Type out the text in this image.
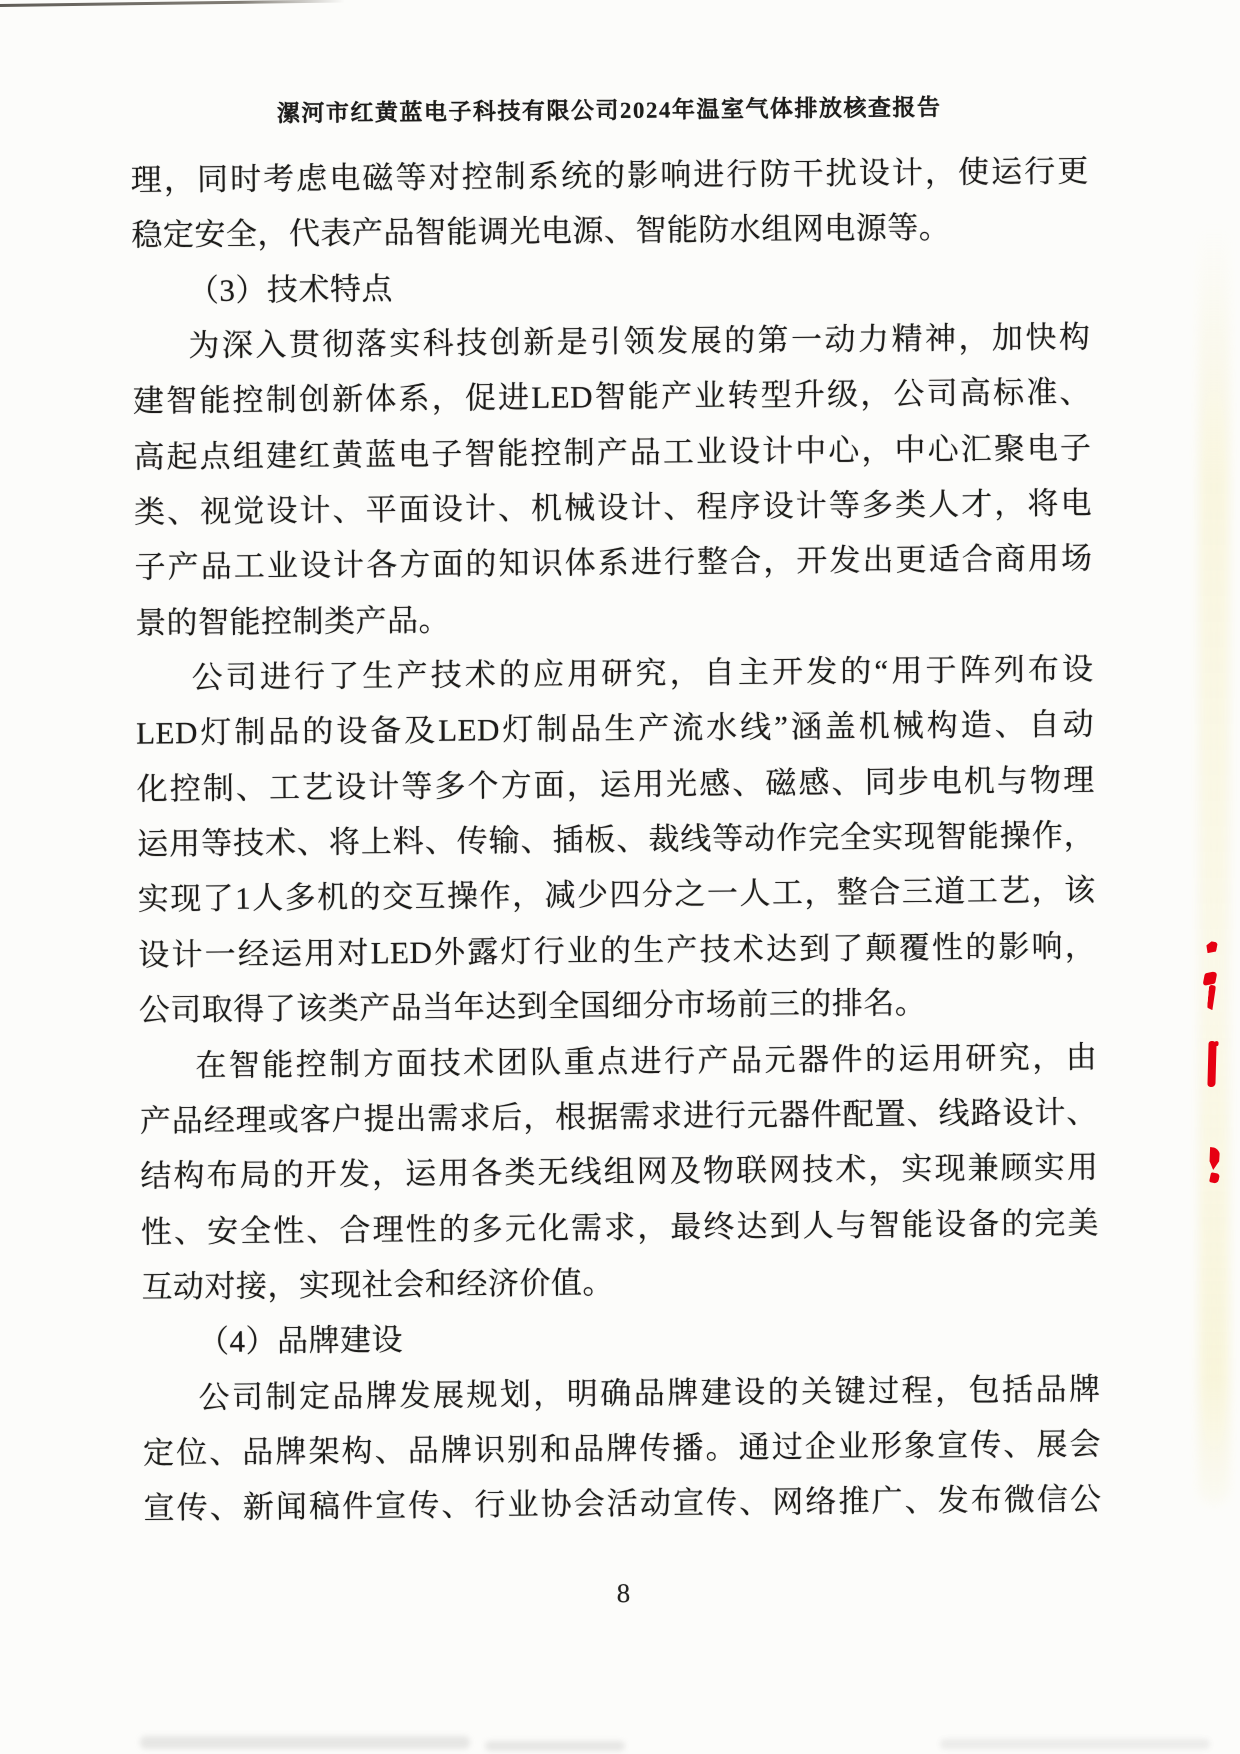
漯河市红黄蓝电子科技有限公司2024年温室气体排放核查报告
理，同时考虑电磁等对控制系统的影响进行防干扰设计，使运行更
稳定安全，代表产品智能调光电源、智能防水组网电源等。
（3）技术特点
为深入贯彻落实科技创新是引领发展的第一动力精神，加快构
建智能控制创新体系，促进LED智能产业转型升级，公司高标准、
高起点组建红黄蓝电子智能控制产品工业设计中心，中心汇聚电子
类、视觉设计、平面设计、机械设计、程序设计等多类人才，将电
子产品工业设计各方面的知识体系进行整合，开发出更适合商用场
景的智能控制类产品。
公司进行了生产技术的应用研究，自主开发的“用于阵列布设
LED灯制品的设备及LED灯制品生产流水线”涵盖机械构造、自动
化控制、工艺设计等多个方面，运用光感、磁感、同步电机与物理
运用等技术、将上料、传输、插板、裁线等动作完全实现智能操作，
实现了1人多机的交互操作，减少四分之一人工，整合三道工艺，该
设计一经运用对LED外露灯行业的生产技术达到了颠覆性的影响，
公司取得了该类产品当年达到全国细分市场前三的排名。
在智能控制方面技术团队重点进行产品元器件的运用研究，由
产品经理或客户提出需求后，根据需求进行元器件配置、线路设计、
结构布局的开发，运用各类无线组网及物联网技术，实现兼顾实用
性、安全性、合理性的多元化需求，最终达到人与智能设备的完美
互动对接，实现社会和经济价值。
（4）品牌建设
公司制定品牌发展规划，明确品牌建设的关键过程，包括品牌
定位、品牌架构、品牌识别和品牌传播。通过企业形象宣传、展会
宣传、新闻稿件宣传、行业协会活动宣传、网络推广、发布微信公
8
